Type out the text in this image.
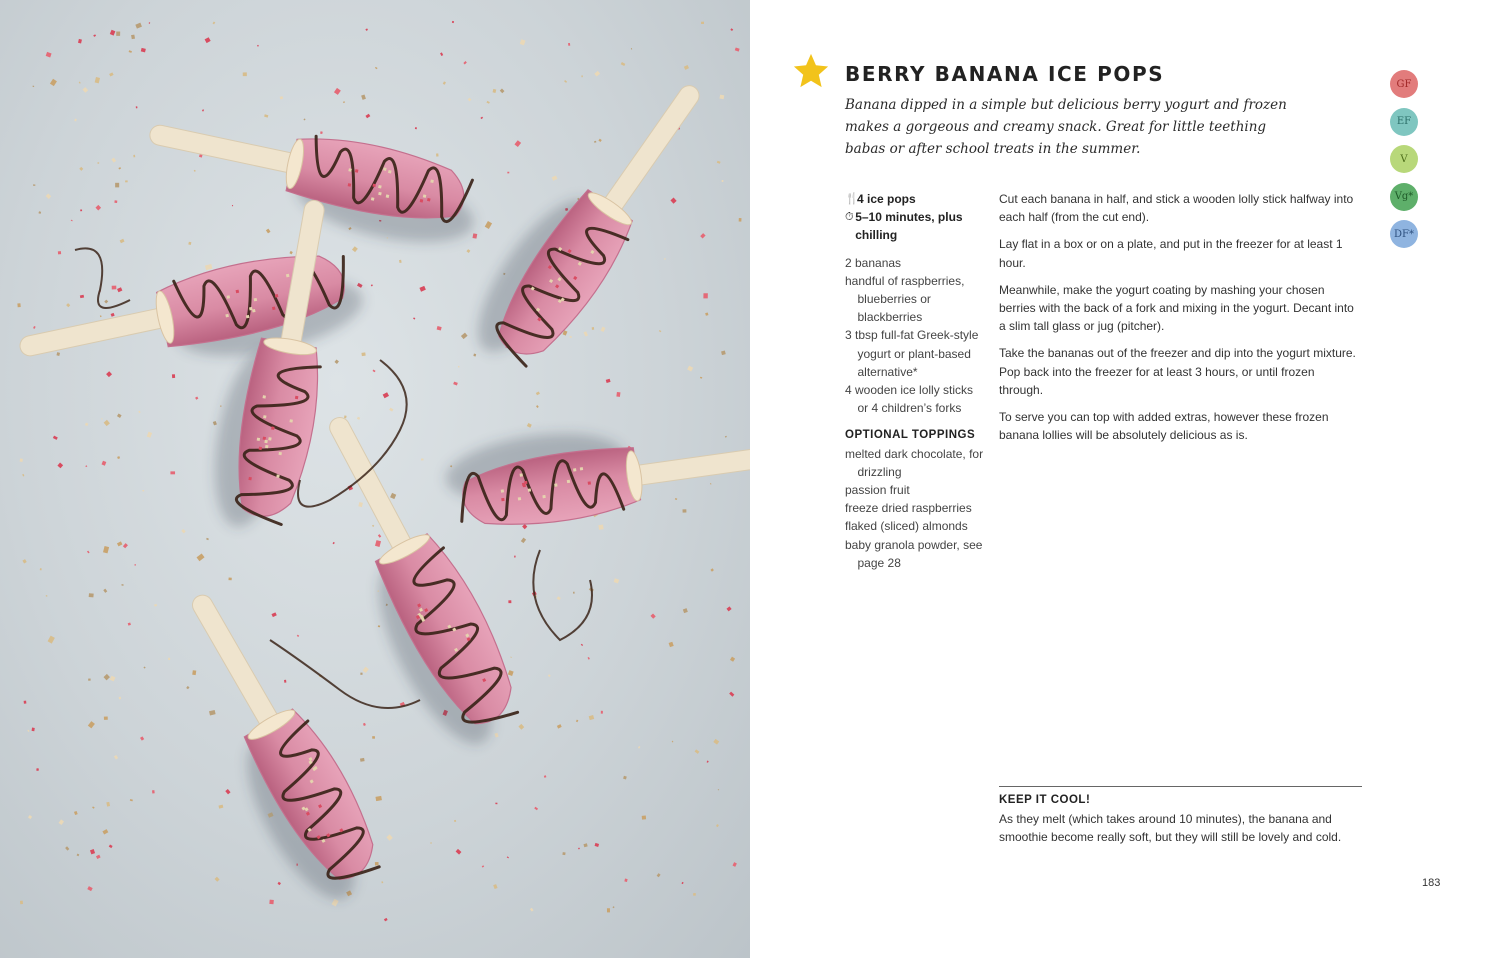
BERRY BANANA ICE POPS
Banana dipped in a simple but delicious berry yogurt and frozen makes a gorgeous and creamy snack. Great for little teething babas or after school treats in the summer.
GF
EF
V
Vg*
DF*
🍴
4 ice pops
⏱ 5–10 minutes, plus chilling
2 bananas
handful of raspberries, blueberries or blackberries
3 tbsp full-fat Greek-style yogurt or plant-based alternative*
4 wooden ice lolly sticks or 4 children’s forks
OPTIONAL TOPPINGS
melted dark chocolate, for drizzling
passion fruit
freeze dried raspberries
flaked (sliced) almonds
baby granola powder, see page 28

Cut each banana in half, and stick a wooden lolly stick halfway into each half (from the cut end).

Lay flat in a box or on a plate, and put in the freezer for at least 1 hour.

Meanwhile, make the yogurt coating by mashing your chosen berries with the back of a fork and mixing in the yogurt. Decant into a slim tall glass or jug (pitcher).

Take the bananas out of the freezer and dip into the yogurt mixture. Pop back into the freezer for at least 3 hours, or until frozen through.

To serve you can top with added extras, however these frozen banana lollies will be absolutely delicious as is.

KEEP IT COOL!
As they melt (which takes around 10 minutes), the banana and smoothie become really soft, but they will still be lovely and cold.
183
